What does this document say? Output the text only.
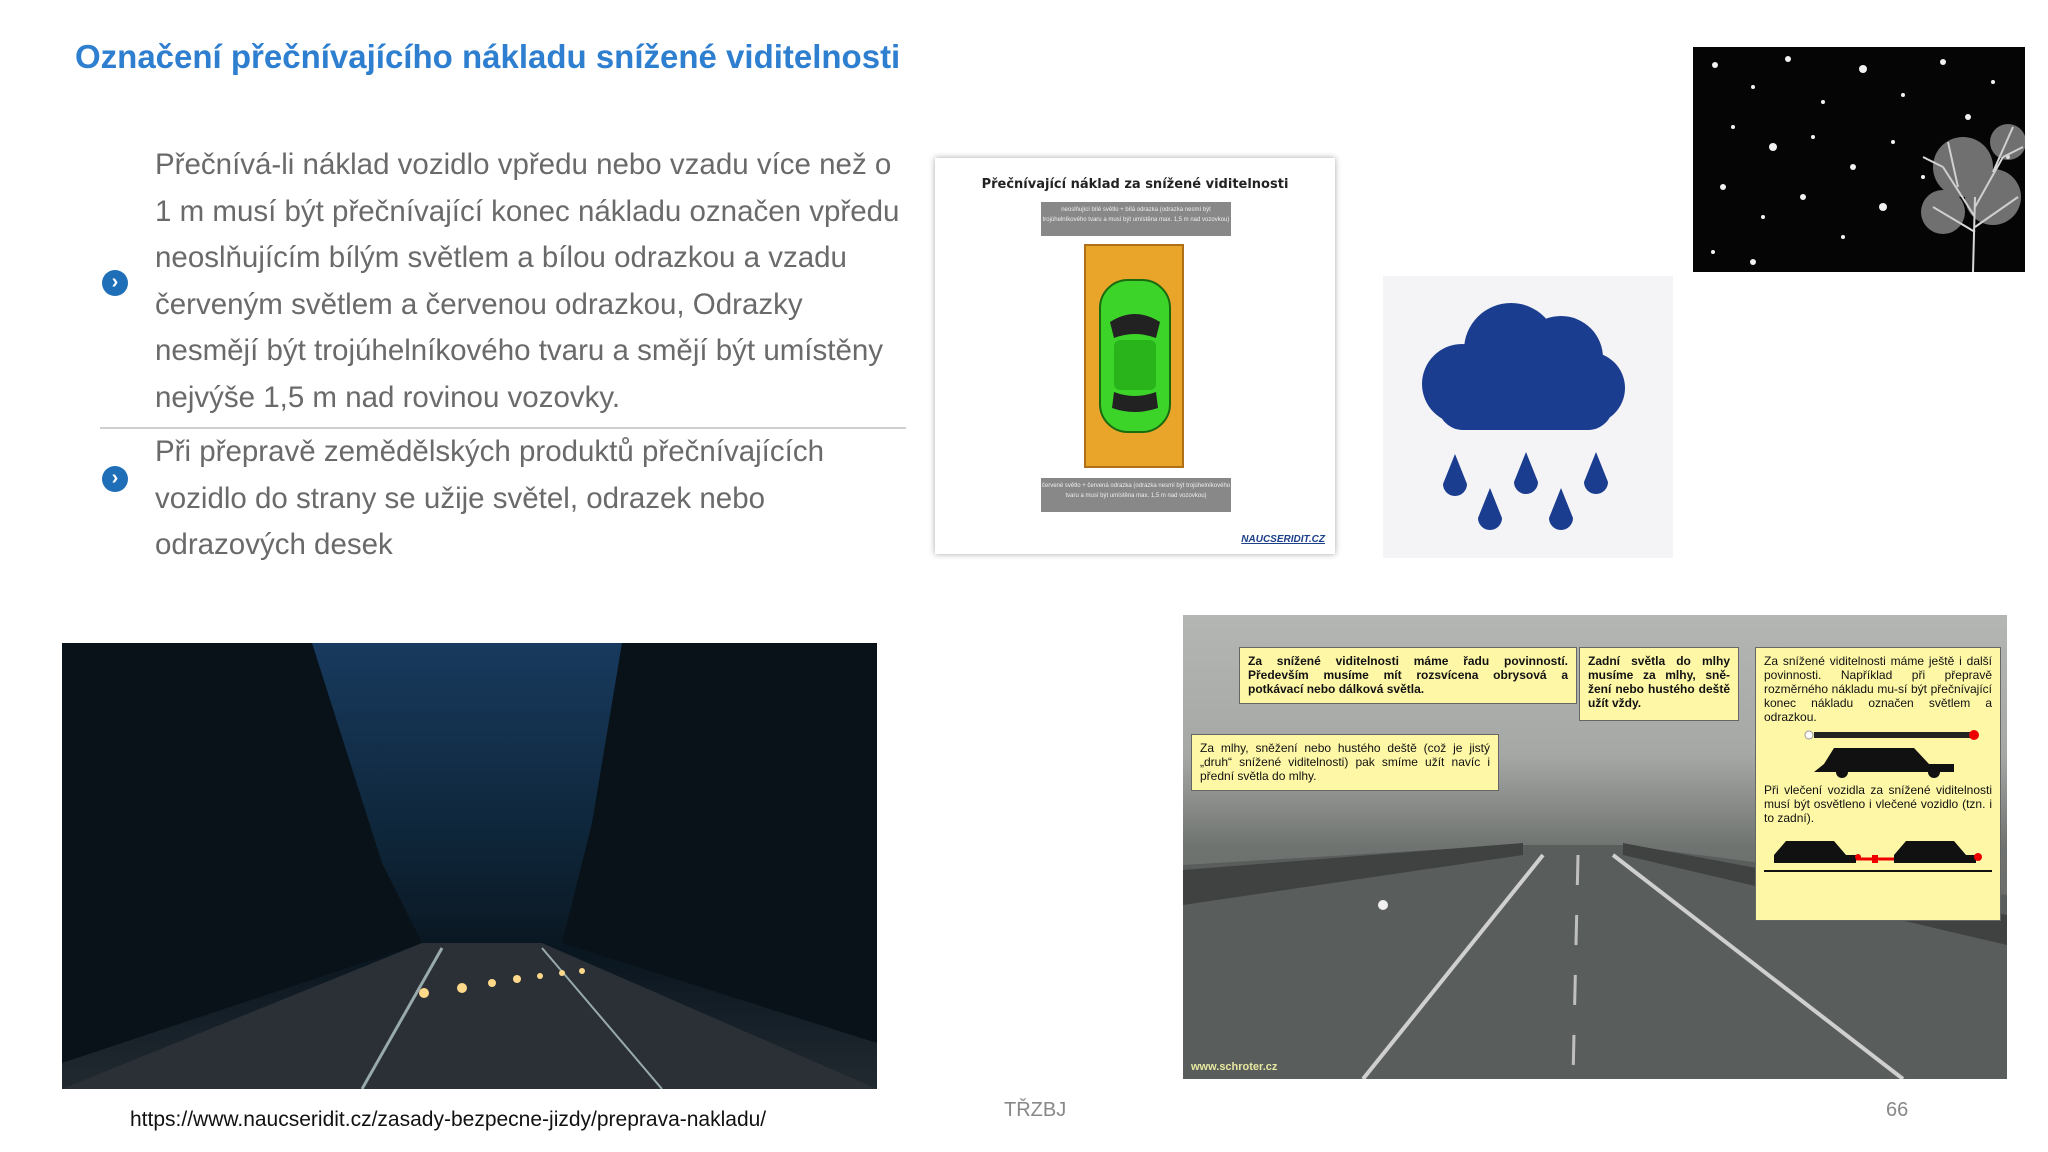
Označení přečnívajícího nákladu snížené viditelnosti
›
Přečnívá-li náklad vozidlo vpředu nebo vzadu více než o 1 m musí být přečnívající konec nákladu označen vpředu neoslňujícím bílým světlem a bílou odrazkou a vzadu červeným světlem a červenou odrazkou, Odrazky nesmějí být trojúhelníkového tvaru a smějí být umístěny nejvýše 1,5 m nad rovinou vozovky.
›
Při přepravě zemědělských produktů přečnívajících vozidlo do strany se užije světel, odrazek nebo odrazových desek
Přečnívající náklad za snížené viditelnosti
neoslňující bílé světlo + bílá odrazka (odrazka nesmí být trojúhelníkového tvaru a musí být umístěna max. 1,5 m nad vozovkou)
červené světlo + červená odrazka (odrazka nesmí být trojúhelníkového tvaru a musí být umístěna max. 1,5 m nad vozovkou)
NAUCSERIDIT.CZ
Za snížené viditelnosti máme řadu povinností. Především musíme mít rozsvícena obrysová a potkávací nebo dálková světla.
Zadní světla do mlhy musíme za mlhy, sně-žení nebo hustého deště užít vždy.
Za mlhy, sněžení nebo hustého deště (což je jistý „druh“ snížené viditelnosti) pak smíme užít navíc i přední světla do mlhy.
Za snížené viditelnosti máme ještě i další povinnosti. Například při přepravě rozměrného nákladu mu-sí být přečnívající konec nákladu označen světlem a odrazkou.
Při vlečení vozidla za snížené viditelnosti musí být osvětleno i vlečené vozidlo (tzn. i to zadní).
www.schroter.cz
https://www.naucseridit.cz/zasady-bezpecne-jizdy/preprava-nakladu/	TŘZBJ	66
